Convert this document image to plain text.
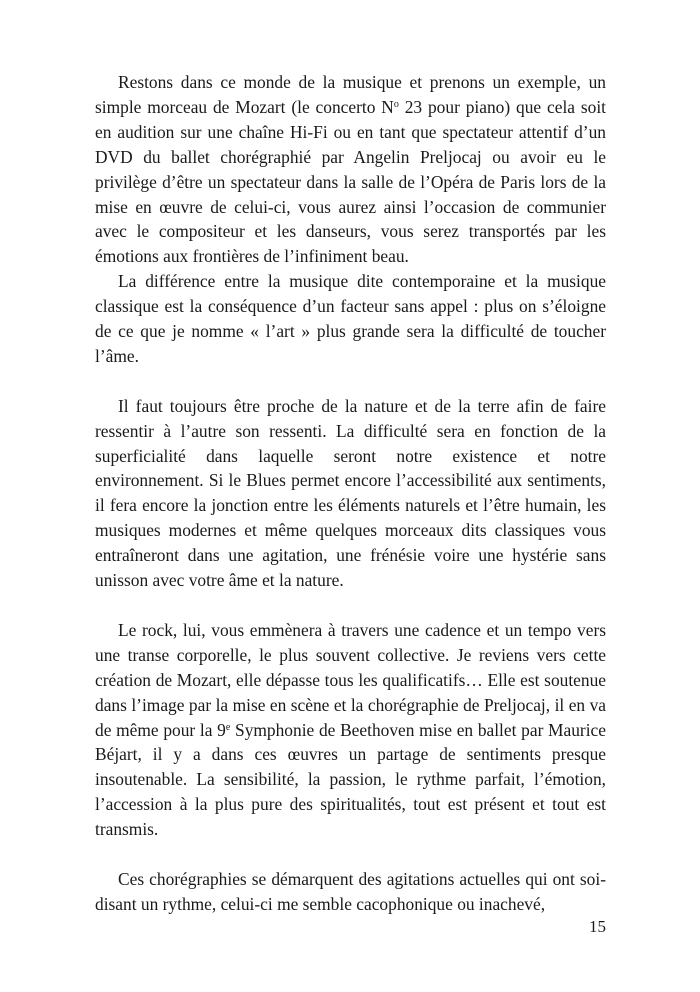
Restons dans ce monde de la musique et prenons un exemple, un simple morceau de Mozart (le concerto $N^o$ 23 pour piano) que cela soit en audition sur une chaîne Hi-Fi ou en tant que spectateur attentif d’un DVD du ballet chorégraphié par Angelin Preljocaj ou avoir eu le privilège d’être un spectateur dans la salle de l’Opéra de Paris lors de la mise en œuvre de celui-ci, vous aurez ainsi l’occasion de communier avec le compositeur et les danseurs, vous serez transportés par les émotions aux frontières de l’infiniment beau.

La différence entre la musique dite contemporaine et la musique classique est la conséquence d’un facteur sans appel : plus on s’éloigne de ce que je nomme « l’art » plus grande sera la difficulté de toucher l’âme.

Il faut toujours être proche de la nature et de la terre afin de faire ressentir à l’autre son ressenti. La difficulté sera en fonction de la superficialité dans laquelle seront notre existence et notre environnement. Si le Blues permet encore l’accessibilité aux sentiments, il fera encore la jonction entre les éléments naturels et l’être humain, les musiques modernes et même quelques morceaux dits classiques vous entraîneront dans une agitation, une frénésie voire une hystérie sans unisson avec votre âme et la nature.

Le rock, lui, vous emmènera à travers une cadence et un tempo vers une transe corporelle, le plus souvent collective. Je reviens vers cette création de Mozart, elle dépasse tous les qualificatifs… Elle est soutenue dans l’image par la mise en scène et la chorégraphie de Preljocaj, il en va de même pour la 9e Symphonie de Beethoven mise en ballet par Maurice Béjart, il y a dans ces œuvres un partage de sentiments presque insoutenable. La sensibilité, la passion, le rythme parfait, l’émotion, l’accession à la plus pure des spiritualités, tout est présent et tout est transmis.

Ces chorégraphies se démarquent des agitations actuelles qui ont soi-disant un rythme, celui-ci me semble cacophonique ou inachevé,

15
